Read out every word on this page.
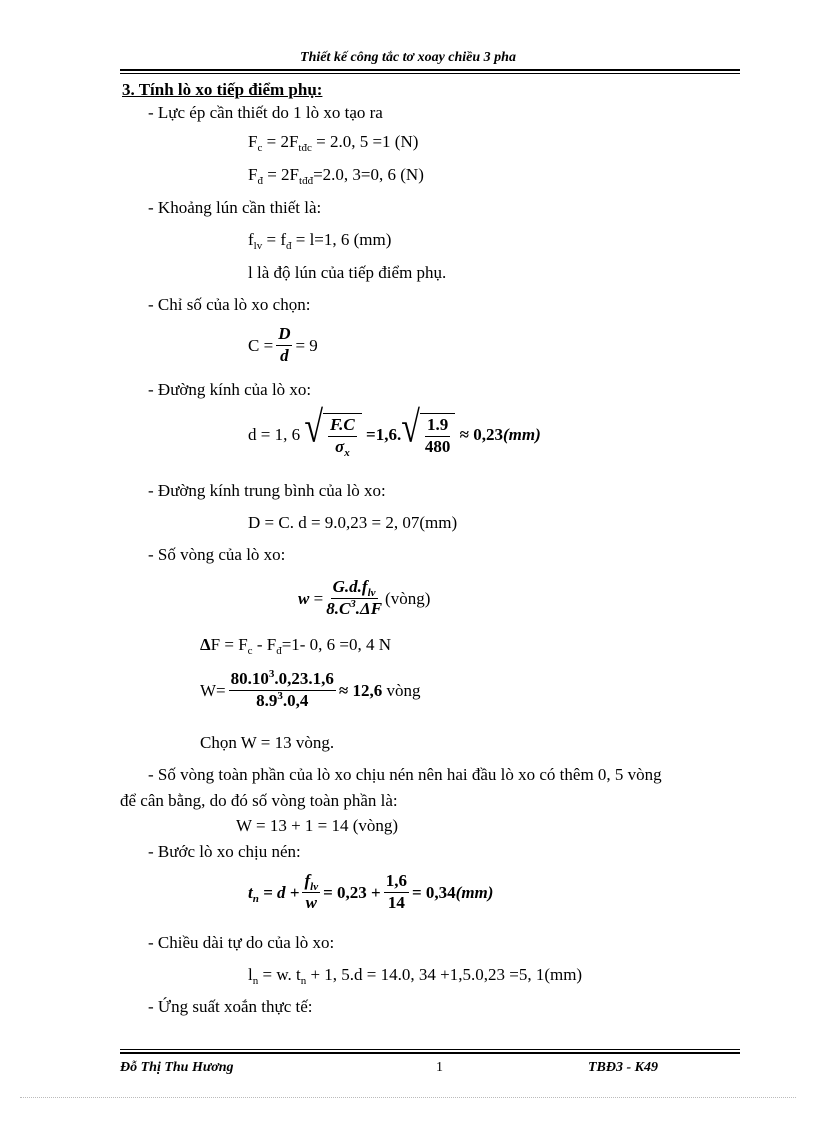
Thiết kế công tắc tơ xoay chiều 3 pha
3. Tính lò xo tiếp điểm phụ:
- Lực ép cần thiết do 1 lò xo tạo ra
$F_c = 2F_{tđc} = 2.0$, 5 =1 (N)
$F_đ = 2F_{tđđ}=2.0$, 3=0, 6 (N)
- Khoảng lún cần thiết là:
$f_{lv} = f_đ = l=1$, 6 (mm)
l là độ lún của tiếp điểm phụ.
- Chỉ số của lò xo chọn:
$C = \frac{D}{d} = 9$
- Đường kính của lò xo:
d = 1, 6 √ $\frac{F.C}{\sigma_x} =1,6$. √ $\frac{1.9}{480} \approx 0,23(mm)$
- Đường kính trung bình của lò xo:
D = C. d = 9.0,23 = 2, 07(mm)
- Số vòng của lò xo:
$w = \frac{G.d.f_{lv}}{8.C^3.\Delta F}$ (vòng)
$\Delta F = F_c - F_đ=1-$ 0, 6 =0, 4 N
$W= \frac{80.10^3.0,23.1,6}{8.9^3.0,4} \approx 12,6$ vòng
Chọn W = 13 vòng.
- Số vòng toàn phần của lò xo chịu nén nên hai đầu lò xo có thêm 0, 5 vòng
để cân bằng, do đó số vòng toàn phần là:
W = 13 + 1 = 14 (vòng)
- Bước lò xo chịu nén:
$t_n = d + \frac{f_{lv}}{w} = 0,23 + \frac{1,6}{14} = 0,34(mm)$
- Chiều dài tự do của lò xo:
$l_n = w$. $t_n + 1$, 5.d = 14.0, 34 +1,5.0,23 =5, 1(mm)
- Ứng suất xoắn thực tế:
Đỗ Thị Thu Hương	1	TBĐ3 - K49
